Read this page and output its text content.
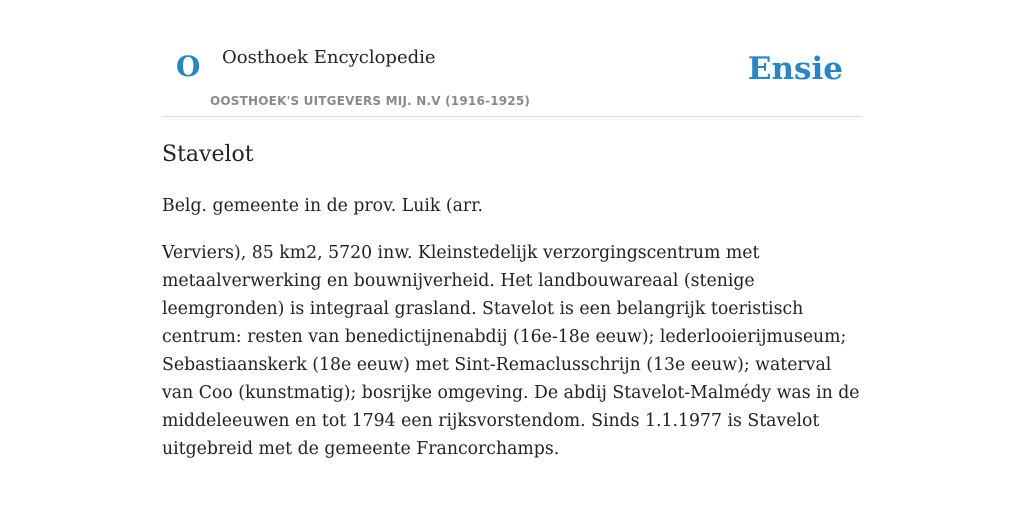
O Oosthoek Encyclopedie
OOSTHOEK'S UITGEVERS MIJ. N.V (1916-1925)
Ensie
Stavelot

Belg. gemeente in de prov. Luik (arr.

Verviers), 85 km2, 5720 inw. Kleinstedelijk verzorgingscentrum met metaalverwerking en bouwnijverheid. Het landbouwareaal (stenige leemgronden) is integraal grasland. Stavelot is een belangrijk toeristisch centrum: resten van benedictijnenabdij (16e-18e eeuw); lederlooierijmuseum; Sebastiaanskerk (18e eeuw) met Sint-Remaclusschrijn (13e eeuw); waterval van Coo (kunstmatig); bosrijke omgeving. De abdij Stavelot-Malmédy was in de middeleeuwen en tot 1794 een rijksvorstendom. Sinds 1.1.1977 is Stavelot uitgebreid met de gemeente Francorchamps.
